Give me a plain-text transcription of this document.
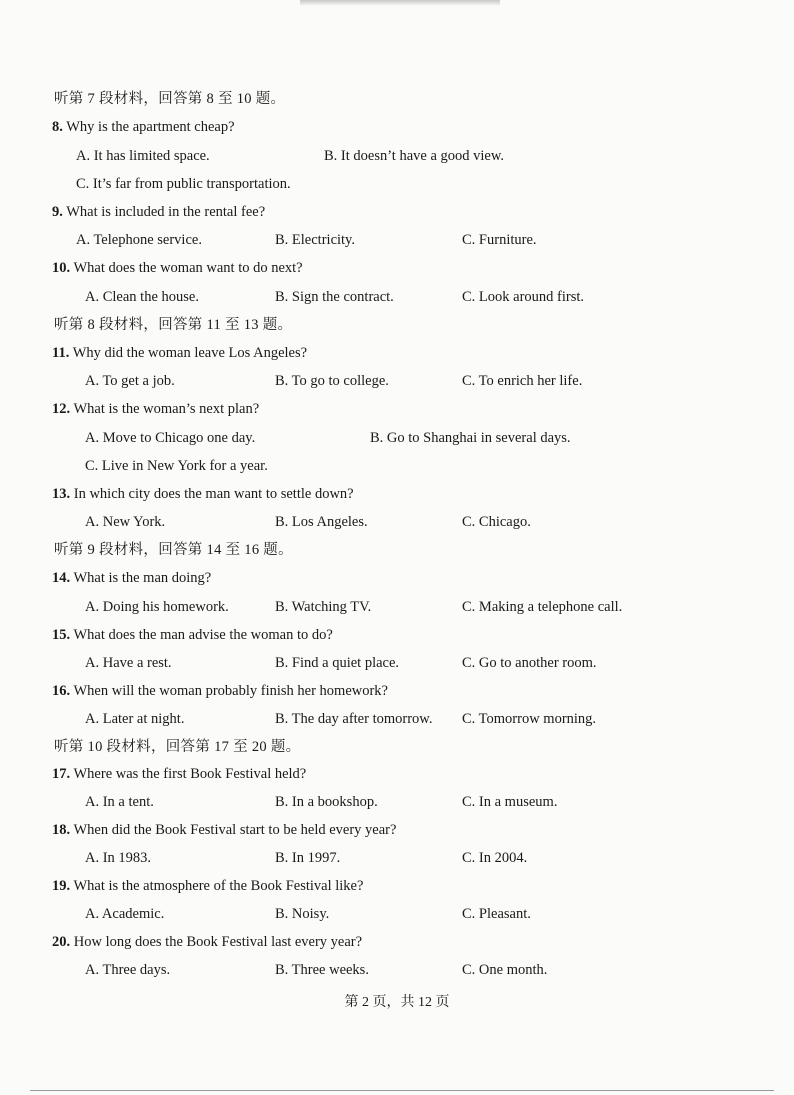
听第 7 段材料，回答第 8 至 10 题。
8. Why is the apartment cheap?
A. It has limited space.	B. It doesn’t have a good view.
C. It’s far from public transportation.
9. What is included in the rental fee?
A. Telephone service.	B. Electricity.	C. Furniture.
10. What does the woman want to do next?
A. Clean the house.	B. Sign the contract.	C. Look around first.
听第 8 段材料，回答第 11 至 13 题。
11. Why did the woman leave Los Angeles?
A. To get a job.	B. To go to college.	C. To enrich her life.
12. What is the woman’s next plan?
A. Move to Chicago one day.	B. Go to Shanghai in several days.
C. Live in New York for a year.
13. In which city does the man want to settle down?
A. New York.	B. Los Angeles.	C. Chicago.
听第 9 段材料，回答第 14 至 16 题。
14. What is the man doing?
A. Doing his homework.	B. Watching TV.	C. Making a telephone call.
15. What does the man advise the woman to do?
A. Have a rest.	B. Find a quiet place.	C. Go to another room.
16. When will the woman probably finish her homework?
A. Later at night.	B. The day after tomorrow. C. Tomorrow morning.
听第 10 段材料，回答第 17 至 20 题。
17. Where was the first Book Festival held?
A. In a tent.	B. In a bookshop.	C. In a museum.
18. When did the Book Festival start to be held every year?
A. In 1983.	B. In 1997.	C. In 2004.
19. What is the atmosphere of the Book Festival like?
A. Academic.	B. Noisy.	C. Pleasant.
20. How long does the Book Festival last every year?
A. Three days.	B. Three weeks.	C. One month.
第 2 页，共 12 页
